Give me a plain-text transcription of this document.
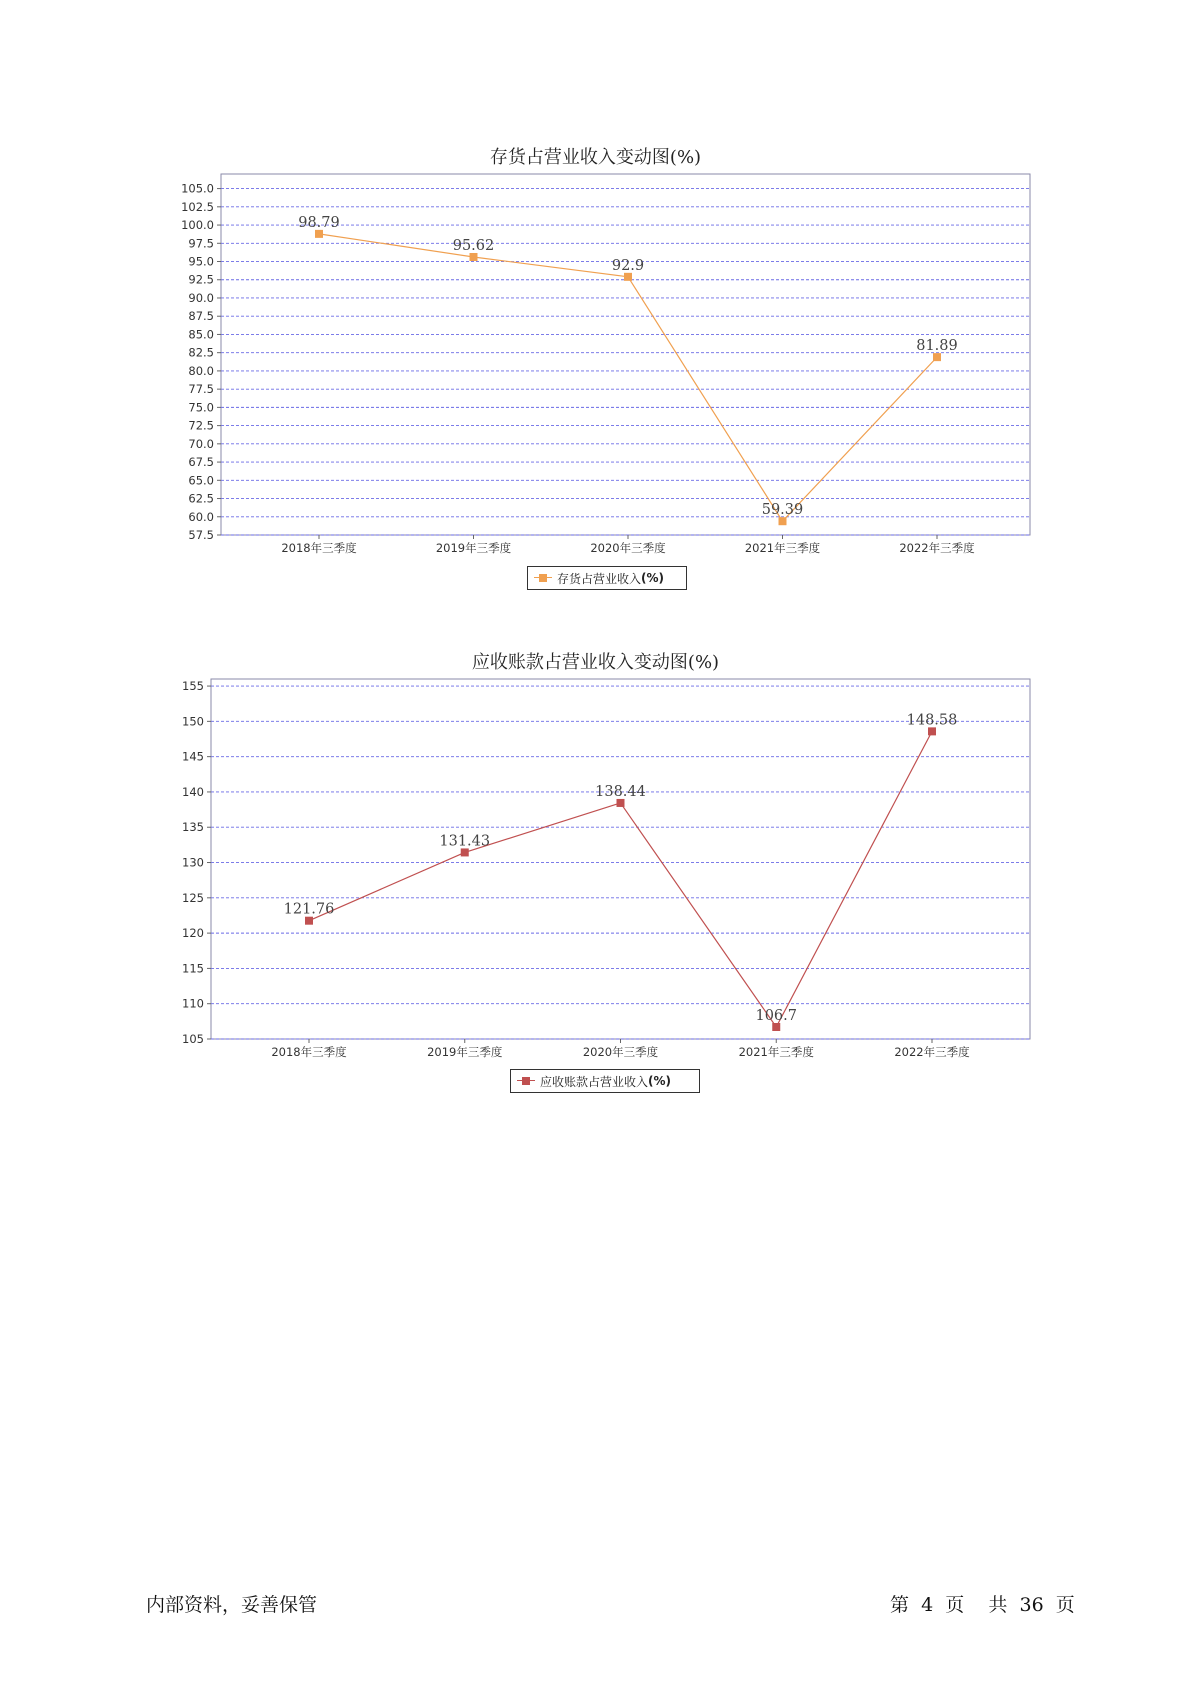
存货占营业收入变动图(%)
57.5
60.0
62.5
65.0
67.5
70.0
72.5
75.0
77.5
80.0
82.5
85.0
87.5
90.0
92.5
95.0
97.5
100.0
102.5
105.0
2018年三季度	2019年三季度	2020年三季度	2021年三季度	2022年三季度
98.79
95.62
92.9
59.39
81.89
存货占营业收入 (%)
应收账款占营业收入变动图(%)
105
110
115
120
125
130
135
140
145
150
155
2018年三季度	2019年三季度	2020年三季度	2021年三季度	2022年三季度
121.76
131.43
138.44
106.7
148.58
应收账款占营业收入 (%)
内部资料，妥善保管	第  4  页    共  36  页
